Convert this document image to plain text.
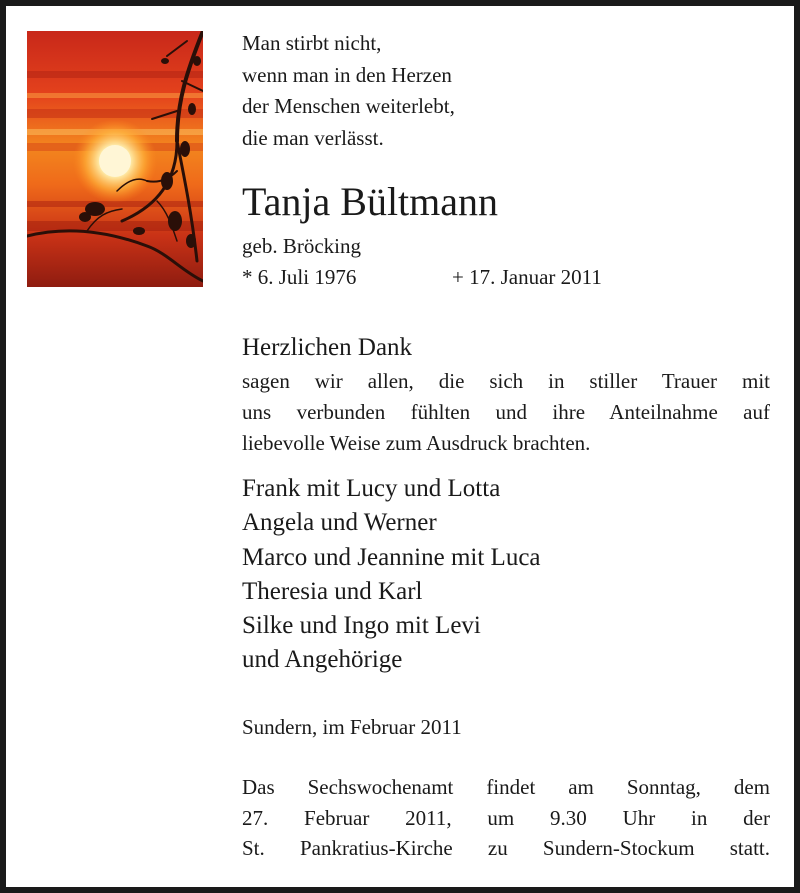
Man stirbt nicht,
wenn man in den Herzen
der Menschen weiterlebt,
die man verlässt.
Tanja Bültmann
geb. Bröcking
* 6. Juli 1976	+ 17. Januar 2011
Herzlichen Dank
sagen wir allen, die sich in stiller Trauer mit
uns verbunden fühlten und ihre Anteilnahme auf
liebevolle Weise zum Ausdruck brachten.
Frank mit Lucy und Lotta
Angela und Werner
Marco und Jeannine mit Luca
Theresia und Karl
Silke und Ingo mit Levi
und Angehörige
Sundern, im Februar 2011
Das Sechswochenamt findet am Sonntag, dem
27. Februar 2011, um 9.30 Uhr in der
St. Pankratius-Kirche zu Sundern-Stockum statt.
